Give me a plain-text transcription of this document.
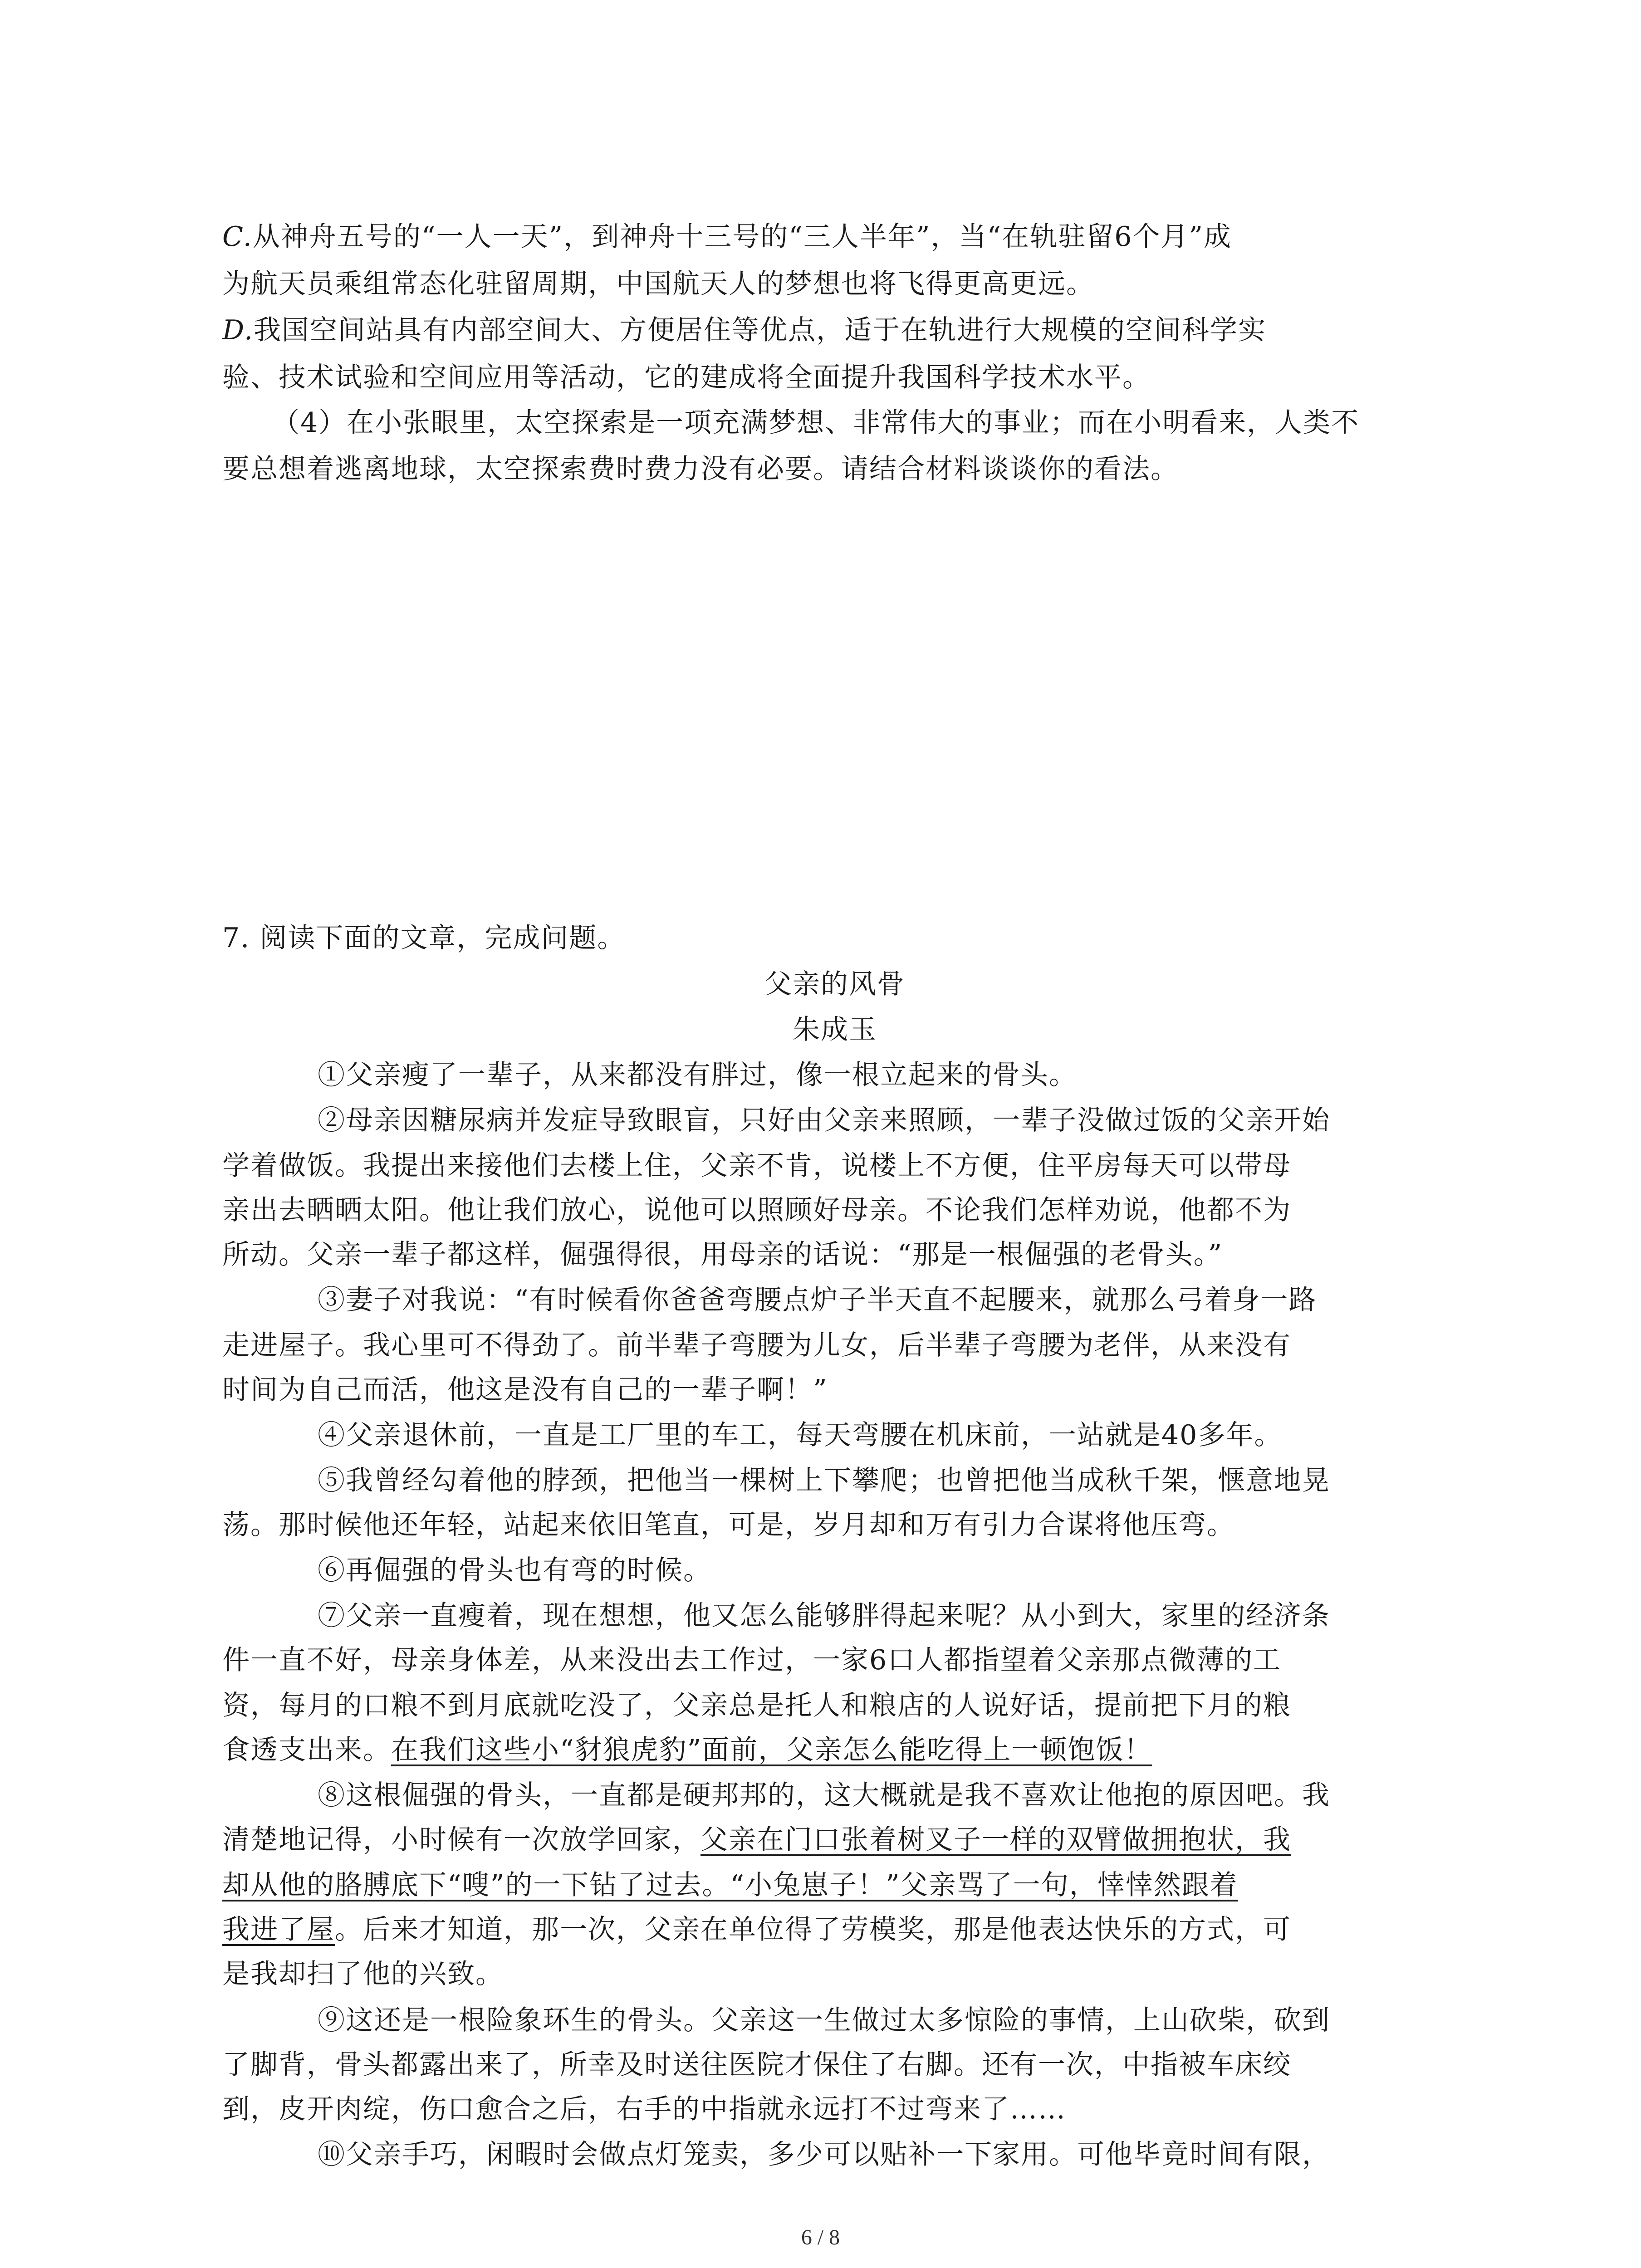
C.从神舟五号的“一人一天”，到神舟十三号的“三人半年”，当“在轨驻留6个月”成
为航天员乘组常态化驻留周期，中国航天人的梦想也将飞得更高更远。
D.我国空间站具有内部空间大、方便居住等优点，适于在轨进行大规模的空间科学实
验、技术试验和空间应用等活动，它的建成将全面提升我国科学技术水平。
（4）在小张眼里，太空探索是一项充满梦想、非常伟大的事业；而在小明看来，人类不
要总想着逃离地球，太空探索费时费力没有必要。请结合材料谈谈你的看法。
7. 阅读下面的文章，完成问题。
父亲的风骨
朱成玉
①父亲瘦了一辈子，从来都没有胖过，像一根立起来的骨头。
②母亲因糖尿病并发症导致眼盲，只好由父亲来照顾，一辈子没做过饭的父亲开始
学着做饭。我提出来接他们去楼上住，父亲不肯，说楼上不方便，住平房每天可以带母
亲出去晒晒太阳。他让我们放心，说他可以照顾好母亲。不论我们怎样劝说，他都不为
所动。父亲一辈子都这样，倔强得很，用母亲的话说：“那是一根倔强的老骨头。”
③妻子对我说：“有时候看你爸爸弯腰点炉子半天直不起腰来，就那么弓着身一路
走进屋子。我心里可不得劲了。前半辈子弯腰为儿女，后半辈子弯腰为老伴，从来没有
时间为自己而活，他这是没有自己的一辈子啊！”
④父亲退休前，一直是工厂里的车工，每天弯腰在机床前，一站就是40多年。
⑤我曾经勾着他的脖颈，把他当一棵树上下攀爬；也曾把他当成秋千架，惬意地晃
荡。那时候他还年轻，站起来依旧笔直，可是，岁月却和万有引力合谋将他压弯。
⑥再倔强的骨头也有弯的时候。
⑦父亲一直瘦着，现在想想，他又怎么能够胖得起来呢？从小到大，家里的经济条
件一直不好，母亲身体差，从来没出去工作过，一家6口人都指望着父亲那点微薄的工
资，每月的口粮不到月底就吃没了，父亲总是托人和粮店的人说好话，提前把下月的粮
食透支出来。在我们这些小“豺狼虎豹”面前，父亲怎么能吃得上一顿饱饭！
⑧这根倔强的骨头，一直都是硬邦邦的，这大概就是我不喜欢让他抱的原因吧。我
清楚地记得，小时候有一次放学回家，父亲在门口张着树叉子一样的双臂做拥抱状，我
却从他的胳膊底下“嗖”的一下钻了过去。“小兔崽子！”父亲骂了一句，悻悻然跟着
我进了屋。后来才知道，那一次，父亲在单位得了劳模奖，那是他表达快乐的方式，可
是我却扫了他的兴致。
⑨这还是一根险象环生的骨头。父亲这一生做过太多惊险的事情，上山砍柴，砍到
了脚背，骨头都露出来了，所幸及时送往医院才保住了右脚。还有一次，中指被车床绞
到，皮开肉绽，伤口愈合之后，右手的中指就永远打不过弯来了……
⑩父亲手巧，闲暇时会做点灯笼卖，多少可以贴补一下家用。可他毕竟时间有限，
6 / 8
